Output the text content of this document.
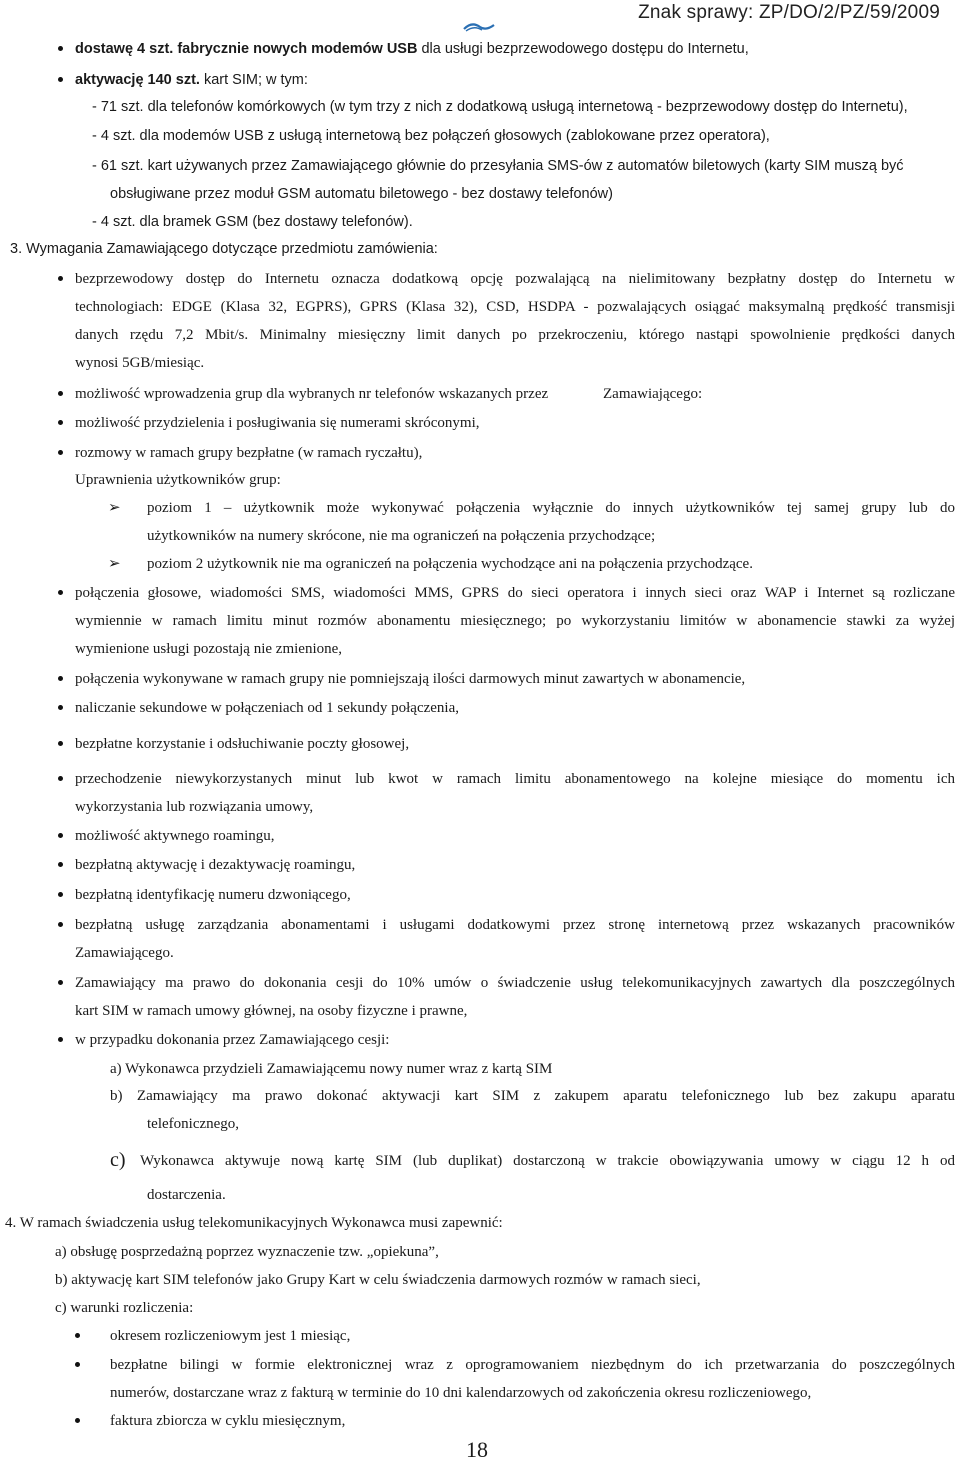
Znak sprawy: ZP/DO/2/PZ/59/2009
dostawę 4 szt. fabrycznie nowych modemów USB dla usługi bezprzewodowego dostępu do Internetu,
aktywację 140 szt. kart SIM; w tym:
- 71 szt. dla telefonów komórkowych (w tym trzy z nich z dodatkową usługą internetową - bezprzewodowy dostęp do Internetu),
- 4 szt. dla modemów USB z usługą internetową bez połączeń głosowych (zablokowane przez operatora),
- 61 szt. kart używanych przez Zamawiającego głównie do przesyłania SMS-ów z automatów biletowych (karty SIM muszą być
obsługiwane przez moduł GSM automatu biletowego - bez dostawy telefonów)
- 4 szt. dla bramek GSM (bez dostawy telefonów).
3. Wymagania Zamawiającego dotyczące przedmiotu zamówienia:
bezprzewodowy dostęp do Internetu oznacza dodatkową opcję pozwalającą na nielimitowany bezpłatny dostęp do Internetu w
technologiach: EDGE (Klasa 32, EGPRS), GPRS (Klasa 32), CSD, HSDPA - pozwalających osiągać maksymalną prędkość transmisji
danych rzędu 7,2 Mbit/s. Minimalny miesięczny limit danych po przekroczeniu, którego nastąpi spowolnienie prędkości danych
wynosi 5GB/miesiąc.
możliwość wprowadzenia grup dla wybranych nr telefonów wskazanych przez	Zamawiającego:
możliwość przydzielenia i posługiwania się numerami skróconymi,
rozmowy w ramach grupy bezpłatne (w ramach ryczałtu),
Uprawnienia użytkowników grup:
➢ poziom 1 – użytkownik może wykonywać połączenia wyłącznie do innych użytkowników tej samej grupy lub do
użytkowników na numery skrócone, nie ma ograniczeń na połączenia przychodzące;
➢ poziom 2 użytkownik nie ma ograniczeń na połączenia wychodzące ani na połączenia przychodzące.
połączenia głosowe, wiadomości SMS, wiadomości MMS, GPRS do sieci operatora i innych sieci oraz WAP i Internet są rozliczane
wymiennie w ramach limitu minut rozmów abonamentu miesięcznego; po wykorzystaniu limitów w abonamencie stawki za wyżej
wymienione usługi pozostają nie zmienione,
połączenia wykonywane w ramach grupy nie pomniejszają ilości darmowych minut zawartych w abonamencie,
naliczanie sekundowe w połączeniach od 1 sekundy połączenia,
bezpłatne korzystanie i odsłuchiwanie poczty głosowej,
przechodzenie niewykorzystanych minut lub kwot w ramach limitu abonamentowego na kolejne miesiące do momentu ich
wykorzystania lub rozwiązania umowy,
możliwość aktywnego roamingu,
bezpłatną aktywację i dezaktywację roamingu,
bezpłatną identyfikację numeru dzwoniącego,
bezpłatną usługę zarządzania abonamentami i usługami dodatkowymi przez stronę internetową przez wskazanych pracowników
Zamawiającego.
Zamawiający ma prawo do dokonania cesji do 10% umów o świadczenie usług telekomunikacyjnych zawartych dla poszczególnych
kart SIM w ramach umowy głównej, na osoby fizyczne i prawne,
w przypadku dokonania przez Zamawiającego cesji:
a) Wykonawca przydzieli Zamawiającemu nowy numer wraz z kartą SIM
b) Zamawiający ma prawo dokonać aktywacji kart SIM z zakupem aparatu telefonicznego lub bez zakupu aparatu
telefonicznego,
c) Wykonawca aktywuje nową kartę SIM (lub duplikat) dostarczoną w trakcie obowiązywania umowy w ciągu 12 h od
dostarczenia.
4. W ramach świadczenia usług telekomunikacyjnych Wykonawca musi zapewnić:
a) obsługę posprzedażną poprzez wyznaczenie tzw. „opiekuna”,
b) aktywację kart SIM telefonów jako Grupy Kart w celu świadczenia darmowych rozmów w ramach sieci,
c) warunki rozliczenia:
okresem rozliczeniowym jest 1 miesiąc,
bezpłatne bilingi w formie elektronicznej wraz z oprogramowaniem niezbędnym do ich przetwarzania do poszczególnych
numerów, dostarczane wraz z fakturą w terminie do 10 dni kalendarzowych od zakończenia okresu rozliczeniowego,
faktura zbiorcza w cyklu miesięcznym,
18
